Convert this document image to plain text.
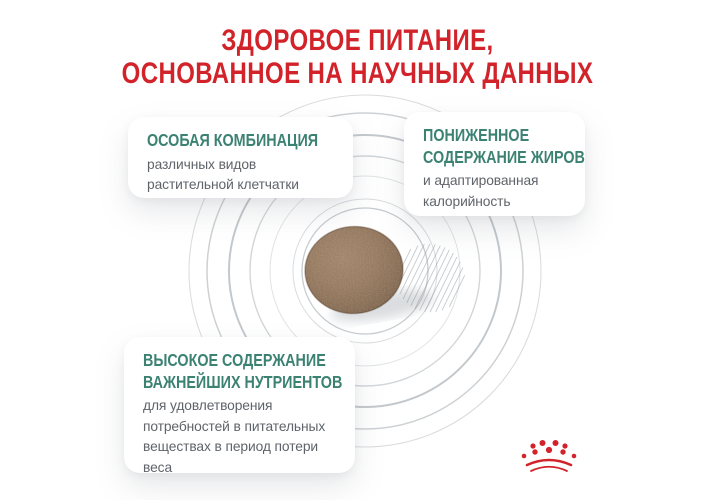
ЗДОРОВОЕ ПИТАНИЕ,
ОСНОВАННОЕ НА НАУЧНЫХ ДАННЫХ
ОСОБАЯ КОМБИНАЦИЯ
различных видов
растительной клетчатки
ПОНИЖЕННОЕ
СОДЕРЖАНИЕ ЖИРОВ
и адаптированная
калорийность
ВЫСОКОЕ СОДЕРЖАНИЕ
ВАЖНЕЙШИХ НУТРИЕНТОВ
для удовлетворения
потребностей в питательных
веществах в период потери
веса
